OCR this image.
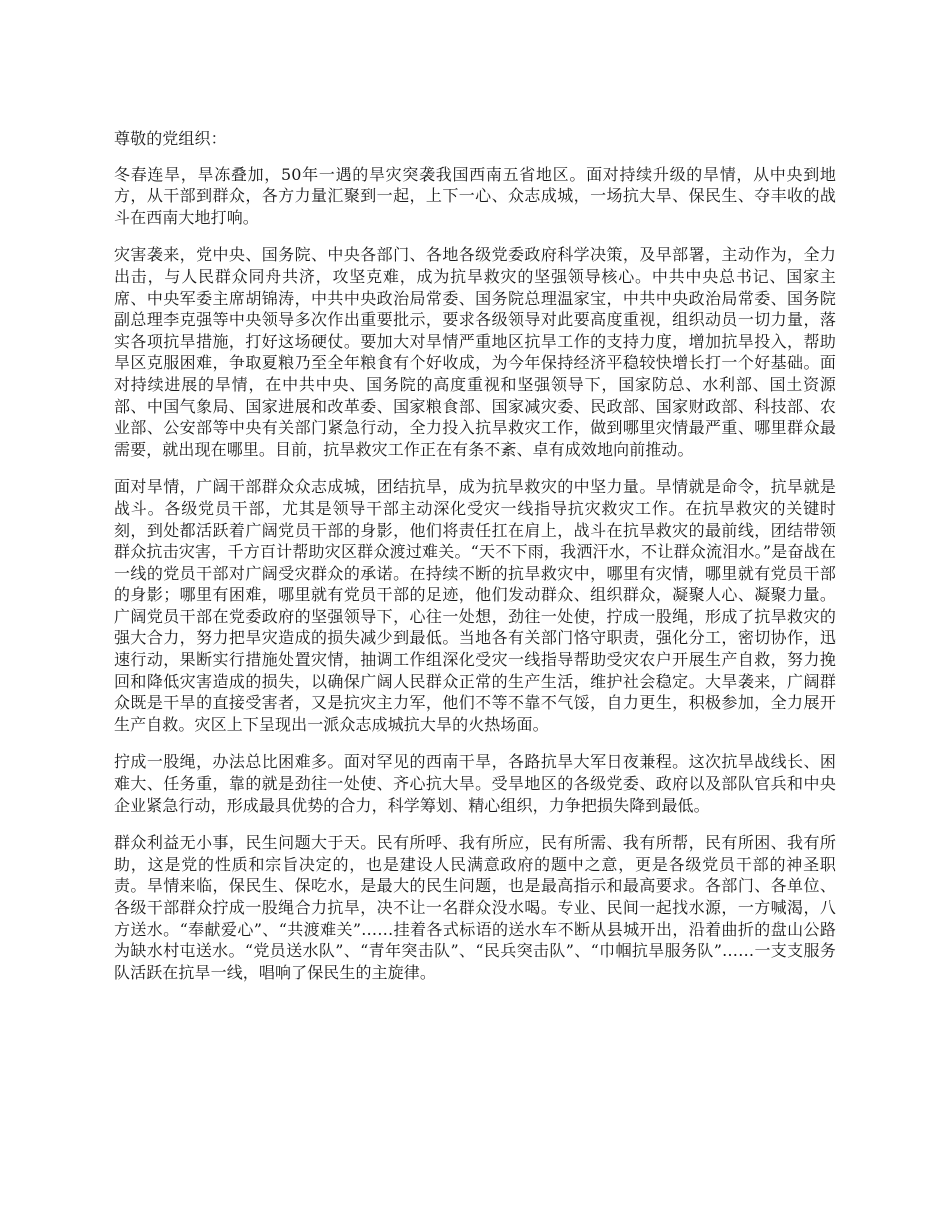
尊敬的党组织：

冬春连旱，旱冻叠加，50年一遇的旱灾突袭我国西南五省地区。面对持续升级的旱情，从中央到地方，从干部到群众，各方力量汇聚到一起，上下一心、众志成城，一场抗大旱、保民生、夺丰收的战斗在西南大地打响。

灾害袭来，党中央、国务院、中央各部门、各地各级党委政府科学决策，及早部署，主动作为，全力出击，与人民群众同舟共济，攻坚克难，成为抗旱救灾的坚强领导核心。中共中央总书记、国家主席、中央军委主席胡锦涛，中共中央政治局常委、国务院总理温家宝，中共中央政治局常委、国务院副总理李克强等中央领导多次作出重要批示，要求各级领导对此要高度重视，组织动员一切力量，落实各项抗旱措施，打好这场硬仗。要加大对旱情严重地区抗旱工作的支持力度，增加抗旱投入，帮助旱区克服困难，争取夏粮乃至全年粮食有个好收成，为今年保持经济平稳较快增长打一个好基础。面对持续进展的旱情，在中共中央、国务院的高度重视和坚强领导下，国家防总、水利部、国土资源部、中国气象局、国家进展和改革委、国家粮食部、国家减灾委、民政部、国家财政部、科技部、农业部、公安部等中央有关部门紧急行动，全力投入抗旱救灾工作，做到哪里灾情最严重、哪里群众最需要，就出现在哪里。目前，抗旱救灾工作正在有条不紊、卓有成效地向前推动。

面对旱情，广阔干部群众众志成城，团结抗旱，成为抗旱救灾的中坚力量。旱情就是命令，抗旱就是战斗。各级党员干部，尤其是领导干部主动深化受灾一线指导抗灾救灾工作。在抗旱救灾的关键时刻，到处都活跃着广阔党员干部的身影，他们将责任扛在肩上，战斗在抗旱救灾的最前线，团结带领群众抗击灾害，千方百计帮助灾区群众渡过难关。“天不下雨，我洒汗水，不让群众流泪水。”是奋战在一线的党员干部对广阔受灾群众的承诺。在持续不断的抗旱救灾中，哪里有灾情，哪里就有党员干部的身影；哪里有困难，哪里就有党员干部的足迹，他们发动群众、组织群众，凝聚人心、凝聚力量。广阔党员干部在党委政府的坚强领导下，心往一处想，劲往一处使，拧成一股绳，形成了抗旱救灾的强大合力，努力把旱灾造成的损失减少到最低。当地各有关部门恪守职责，强化分工，密切协作，迅速行动，果断实行措施处置灾情，抽调工作组深化受灾一线指导帮助受灾农户开展生产自救，努力挽回和降低灾害造成的损失，以确保广阔人民群众正常的生产生活，维护社会稳定。大旱袭来，广阔群众既是干旱的直接受害者，又是抗灾主力军，他们不等不靠不气馁，自力更生，积极参加，全力展开生产自救。灾区上下呈现出一派众志成城抗大旱的火热场面。

拧成一股绳，办法总比困难多。面对罕见的西南干旱，各路抗旱大军日夜兼程。这次抗旱战线长、困难大、任务重，靠的就是劲往一处使、齐心抗大旱。受旱地区的各级党委、政府以及部队官兵和中央企业紧急行动，形成最具优势的合力，科学筹划、精心组织，力争把损失降到最低。

群众利益无小事，民生问题大于天。民有所呼、我有所应，民有所需、我有所帮，民有所困、我有所助，这是党的性质和宗旨决定的，也是建设人民满意政府的题中之意，更是各级党员干部的神圣职责。旱情来临，保民生、保吃水，是最大的民生问题，也是最高指示和最高要求。各部门、各单位、各级干部群众拧成一股绳合力抗旱，决不让一名群众没水喝。专业、民间一起找水源，一方喊渴，八方送水。“奉献爱心”、“共渡难关”……挂着各式标语的送水车不断从县城开出，沿着曲折的盘山公路为缺水村屯送水。“党员送水队”、“青年突击队”、“民兵突击队”、“巾帼抗旱服务队”……一支支服务队活跃在抗旱一线，唱响了保民生的主旋律。
